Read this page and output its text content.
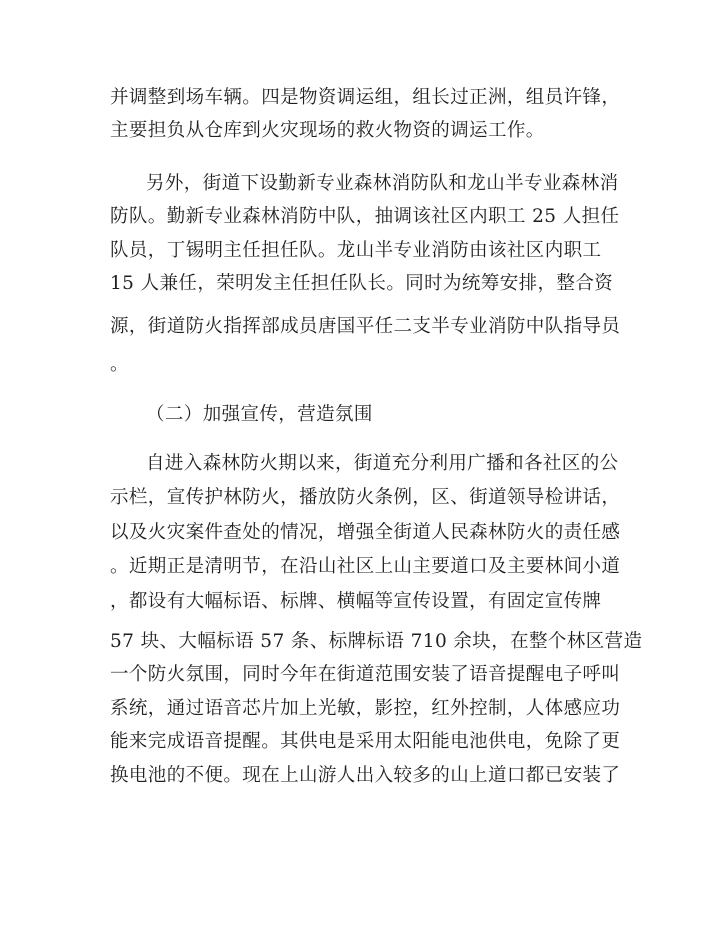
并调整到场车辆。四是物资调运组，组长过正洲，组员许锋，
主要担负从仓库到火灾现场的救火物资的调运工作。
另外，街道下设勤新专业森林消防队和龙山半专业森林消
防队。勤新专业森林消防中队，抽调该社区内职工 25 人担任
队员，丁锡明主任担任队。龙山半专业消防由该社区内职工
15 人兼任，荣明发主任担任队长。同时为统筹安排，整合资
源，街道防火指挥部成员唐国平任二支半专业消防中队指导员
。
（二）加强宣传，营造氛围
自进入森林防火期以来，街道充分利用广播和各社区的公
示栏，宣传护林防火，播放防火条例，区、街道领导检讲话，
以及火灾案件查处的情况，增强全街道人民森林防火的责任感
。近期正是清明节，在沿山社区上山主要道口及主要林间小道
，都设有大幅标语、标牌、横幅等宣传设置，有固定宣传牌
57 块、大幅标语 57 条、标牌标语 710 余块，在整个林区营造
一个防火氛围，同时今年在街道范围安装了语音提醒电子呼叫
系统，通过语音芯片加上光敏，影控，红外控制，人体感应功
能来完成语音提醒。其供电是采用太阳能电池供电，免除了更
换电池的不便。现在上山游人出入较多的山上道口都已安装了
